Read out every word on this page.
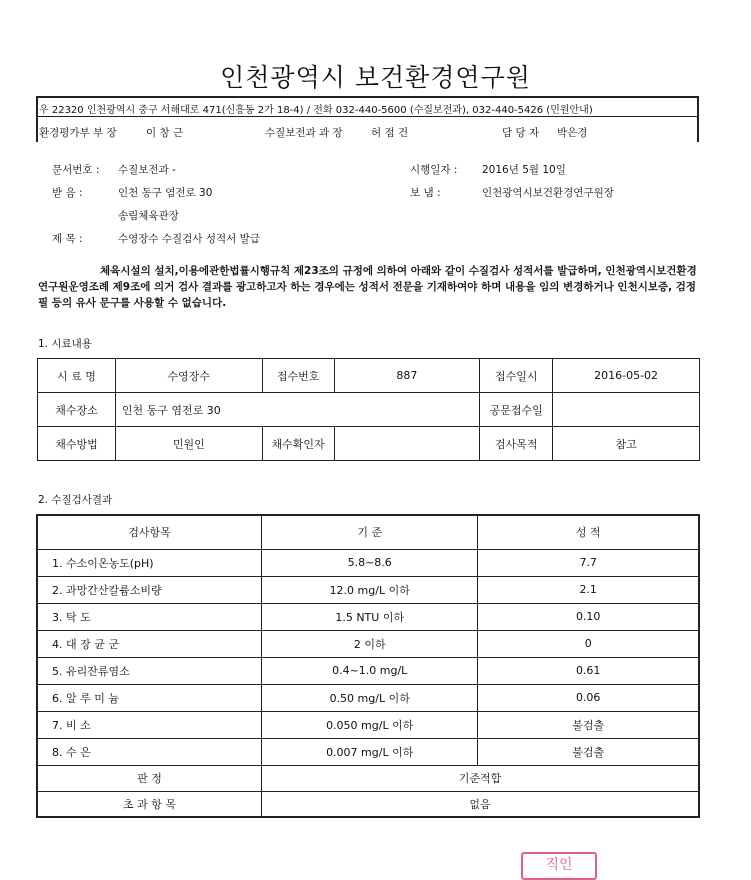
인천광역시 보건환경연구원
우 22320 인천광역시 중구 서해대로 471(신흥동 2가 18-4) / 전화 032-440-5600 (수질보전과), 032-440-5426 (민원안내)
환경평가부 부 장	이 창 근	수질보전과 과 장	허 점 건	담 당 자 박은경
문서번호 : 수질보전과 -	시행일자 : 2016년 5월 10일
받 음 :	인천 동구 염전로 30	보 냄 :	인천광역시보건환경연구원장
송림체육관장
제 목 :	수영장수 수질검사 성적서 발급
체육시설의 설치,이용에관한법률시행규칙 제23조의 규정에 의하여 아래와 같이 수질검사 성적서를 발급하며, 인천광역시보건환경연구원운영조례 제9조에 의거 검사 결과를 광고하고자 하는 경우에는 성적서 전문을 기재하여야 하며 내용을 임의 변경하거나 인천시보증, 검정필 등의 유사 문구를 사용할 수 없습니다.
1. 시료내용
시 료 명	수영장수	접수번호	887	접수일시	2016-05-02
채수장소	인천 동구 염전로 30			공문접수일	
채수방법	민원인	채수확인자		검사목적	참고
2. 수질검사결과
검사항목	기 준	성 적
1. 수소이온농도(pH)	5.8~8.6	7.7
2. 과망간산칼륨소비량	12.0 mg/L 이하	2.1
3. 탁 도	1.5 NTU 이하	0.10
4. 대 장 균 군	2 이하	0
5. 유리잔류염소	0.4~1.0 mg/L	0.61
6. 알 루 미 늄	0.50 mg/L 이하	0.06
7. 비 소	0.050 mg/L 이하	불검출
8. 수 은	0.007 mg/L 이하	불검출
판 정	기준적합	
초 과 항 목	없음	
직인
